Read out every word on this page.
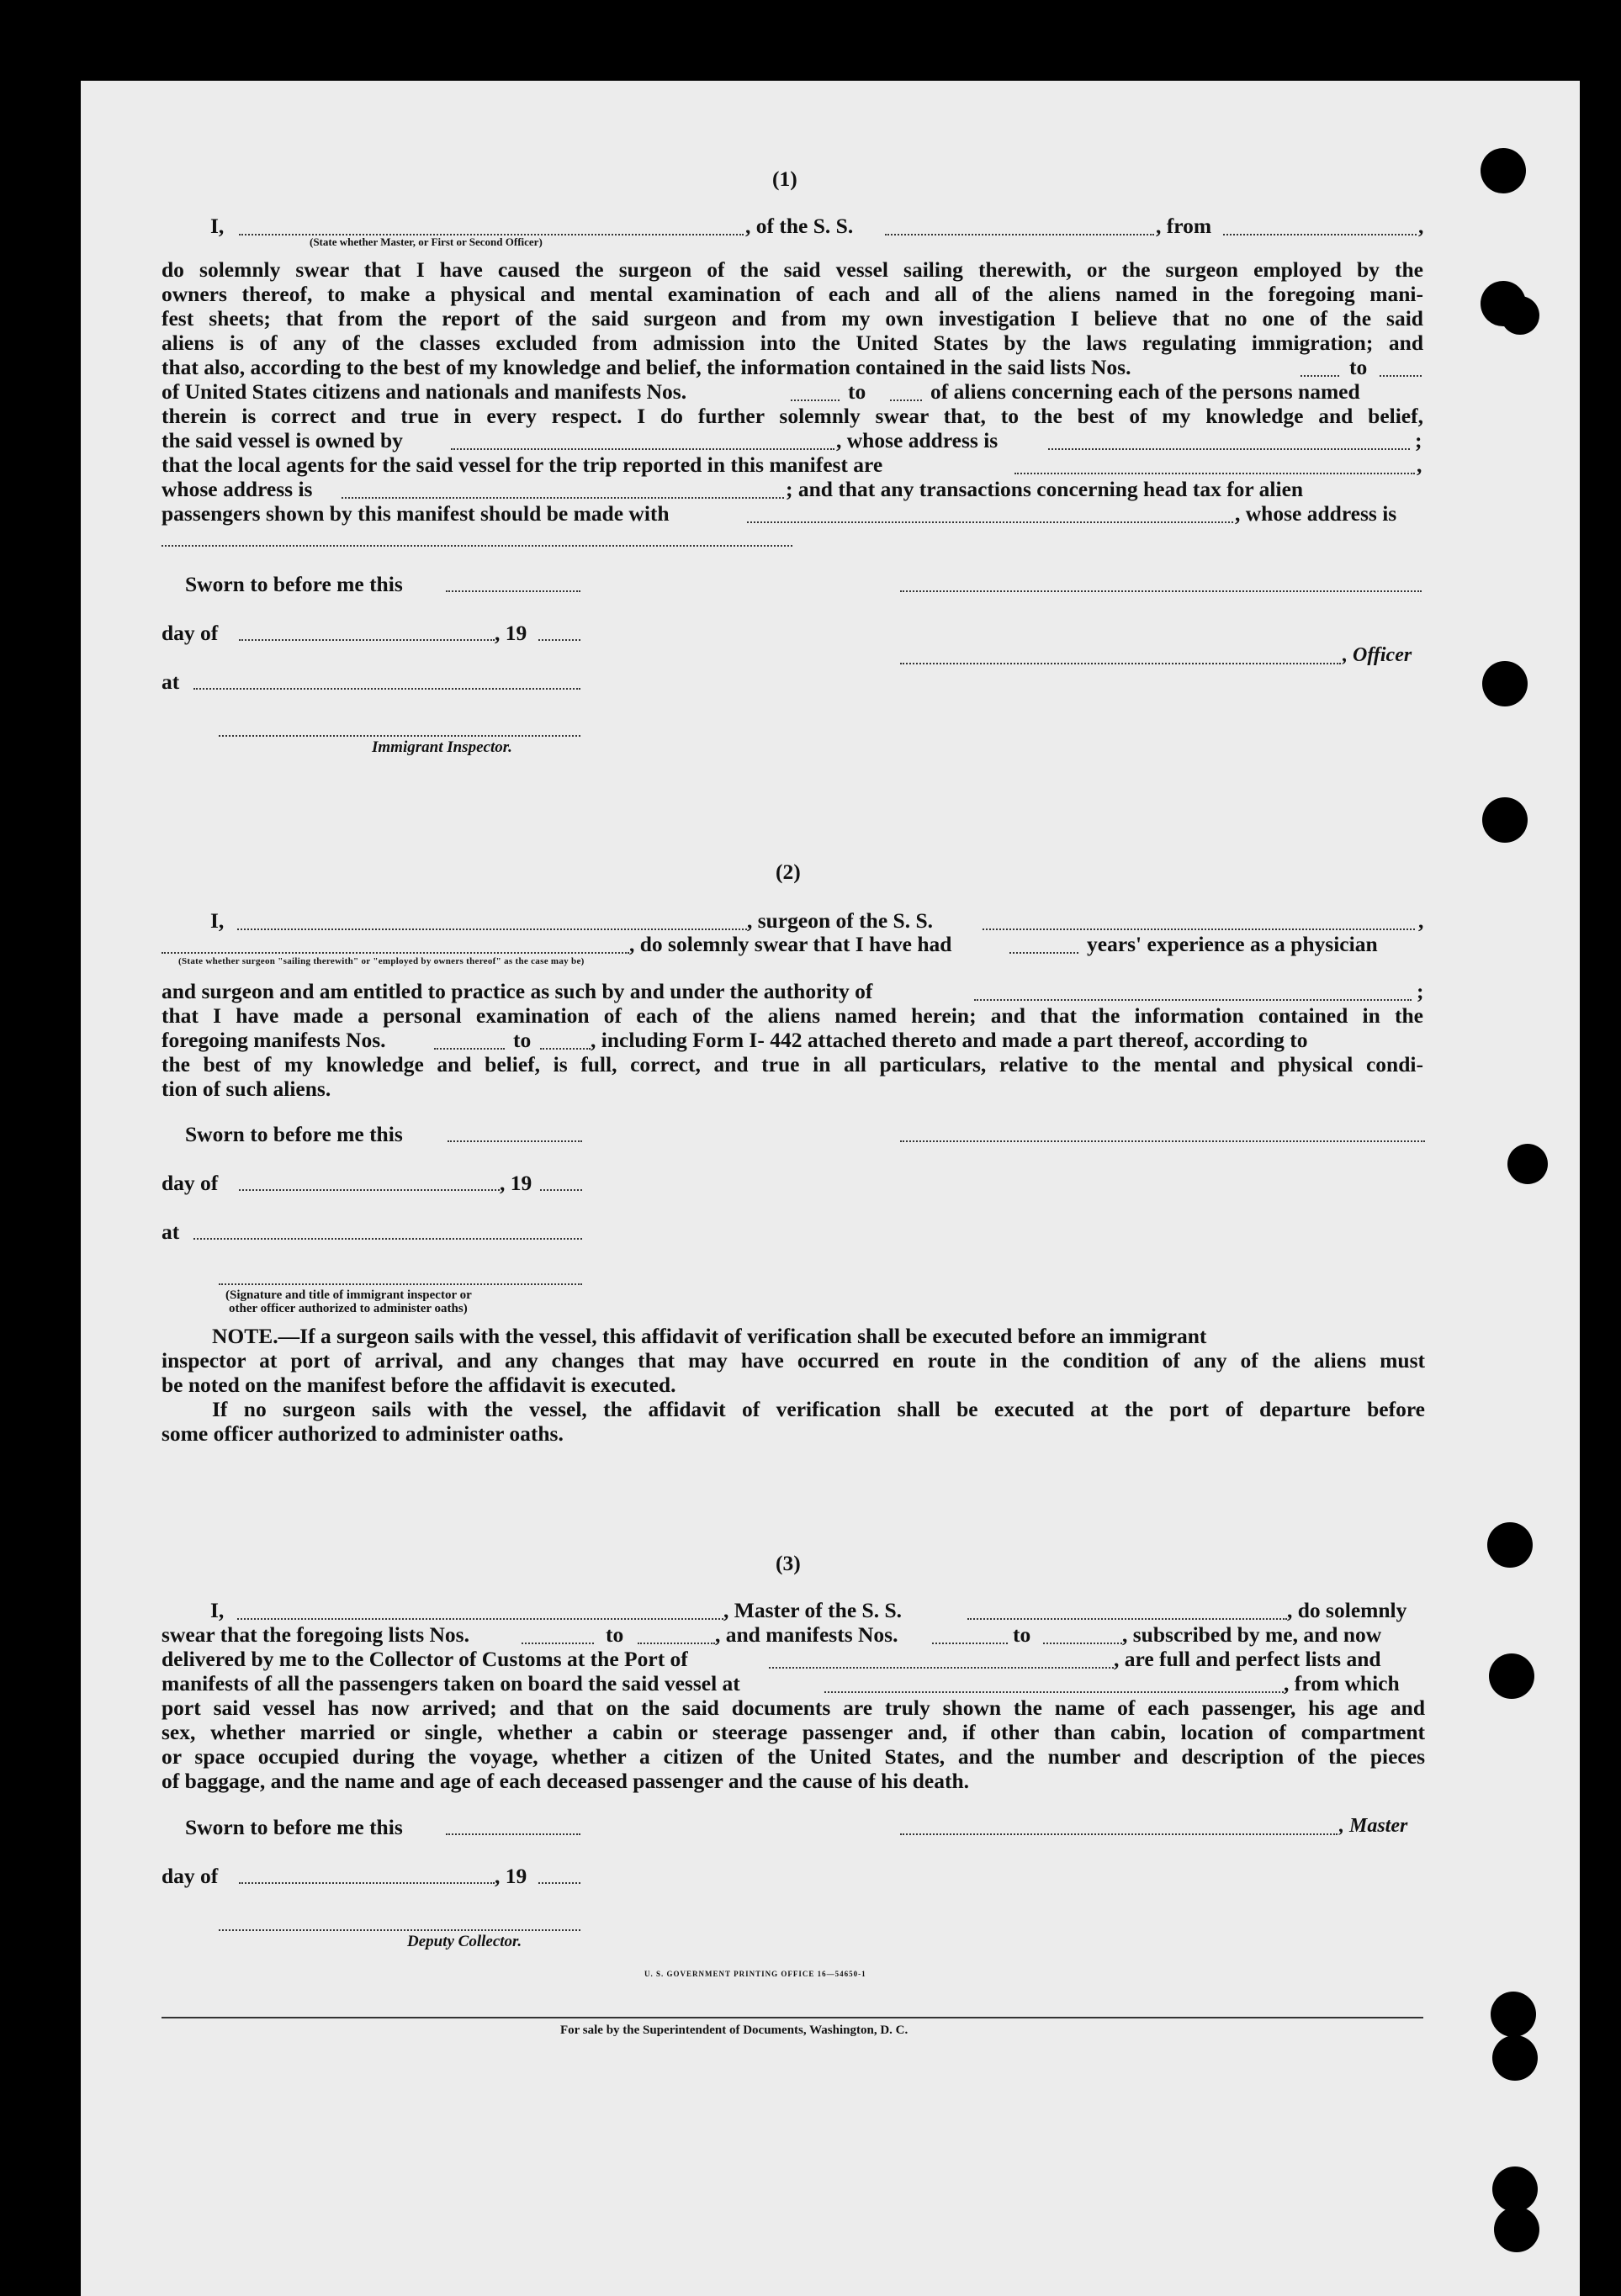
(1)
I,	, of the S. S.	, from	,
(State whether Master, or First or Second Officer)
do solemnly swear that I have caused the surgeon of the said vessel sailing therewith, or the surgeon employed by the
owners thereof, to make a physical and mental examination of each and all of the aliens named in the foregoing mani-
fest sheets; that from the report of the said surgeon and from my own investigation I believe that no one of the said
aliens is of any of the classes excluded from admission into the United States by the laws regulating immigration; and
that also, according to the best of my knowledge and belief, the information contained in the said lists Nos.	to
of United States citizens and nationals and manifests Nos.	to	of aliens concerning each of the persons named
therein is correct and true in every respect. I do further solemnly swear that, to the best of my knowledge and belief,
the said vessel is owned by	, whose address is	;
that the local agents for the said vessel for the trip reported in this manifest are	,
whose address is	; and that any transactions concerning head tax for alien
passengers shown by this manifest should be made with	, whose address is
Sworn to before me this
day of	, 19
, Officer
at
Immigrant Inspector.
(2)
I,	, surgeon of the S. S.	,
, do solemnly swear that I have had	years' experience as a physician
(State whether surgeon "sailing therewith" or "employed by owners thereof" as the case may be)
and surgeon and am entitled to practice as such by and under the authority of	;
that I have made a personal examination of each of the aliens named herein; and that the information contained in the
foregoing manifests Nos.	to	, including Form I- 442 attached thereto and made a part thereof, according to
the best of my knowledge and belief, is full, correct, and true in all particulars, relative to the mental and physical condi-
tion of such aliens.
Sworn to before me this
day of	, 19
at
(Signature and title of immigrant inspector or
other officer authorized to administer oaths)
NOTE.—If a surgeon sails with the vessel, this affidavit of verification shall be executed before an immigrant
inspector at port of arrival, and any changes that may have occurred en route in the condition of any of the aliens must
be noted on the manifest before the affidavit is executed.
If no surgeon sails with the vessel, the affidavit of verification shall be executed at the port of departure before
some officer authorized to administer oaths.
(3)
I,	, Master of the S. S.	, do solemnly
swear that the foregoing lists Nos.	to	, and manifests Nos.	to	, subscribed by me, and now
delivered by me to the Collector of Customs at the Port of	, are full and perfect lists and
manifests of all the passengers taken on board the said vessel at	, from which
port said vessel has now arrived; and that on the said documents are truly shown the name of each passenger, his age and
sex, whether married or single, whether a cabin or steerage passenger and, if other than cabin, location of compartment
or space occupied during the voyage, whether a citizen of the United States, and the number and description of the pieces
of baggage, and the name and age of each deceased passenger and the cause of his death.
Sworn to before me this	, Master
day of	, 19
Deputy Collector.
U. S. GOVERNMENT PRINTING OFFICE 16—54650-1
For sale by the Superintendent of Documents, Washington, D. C.
